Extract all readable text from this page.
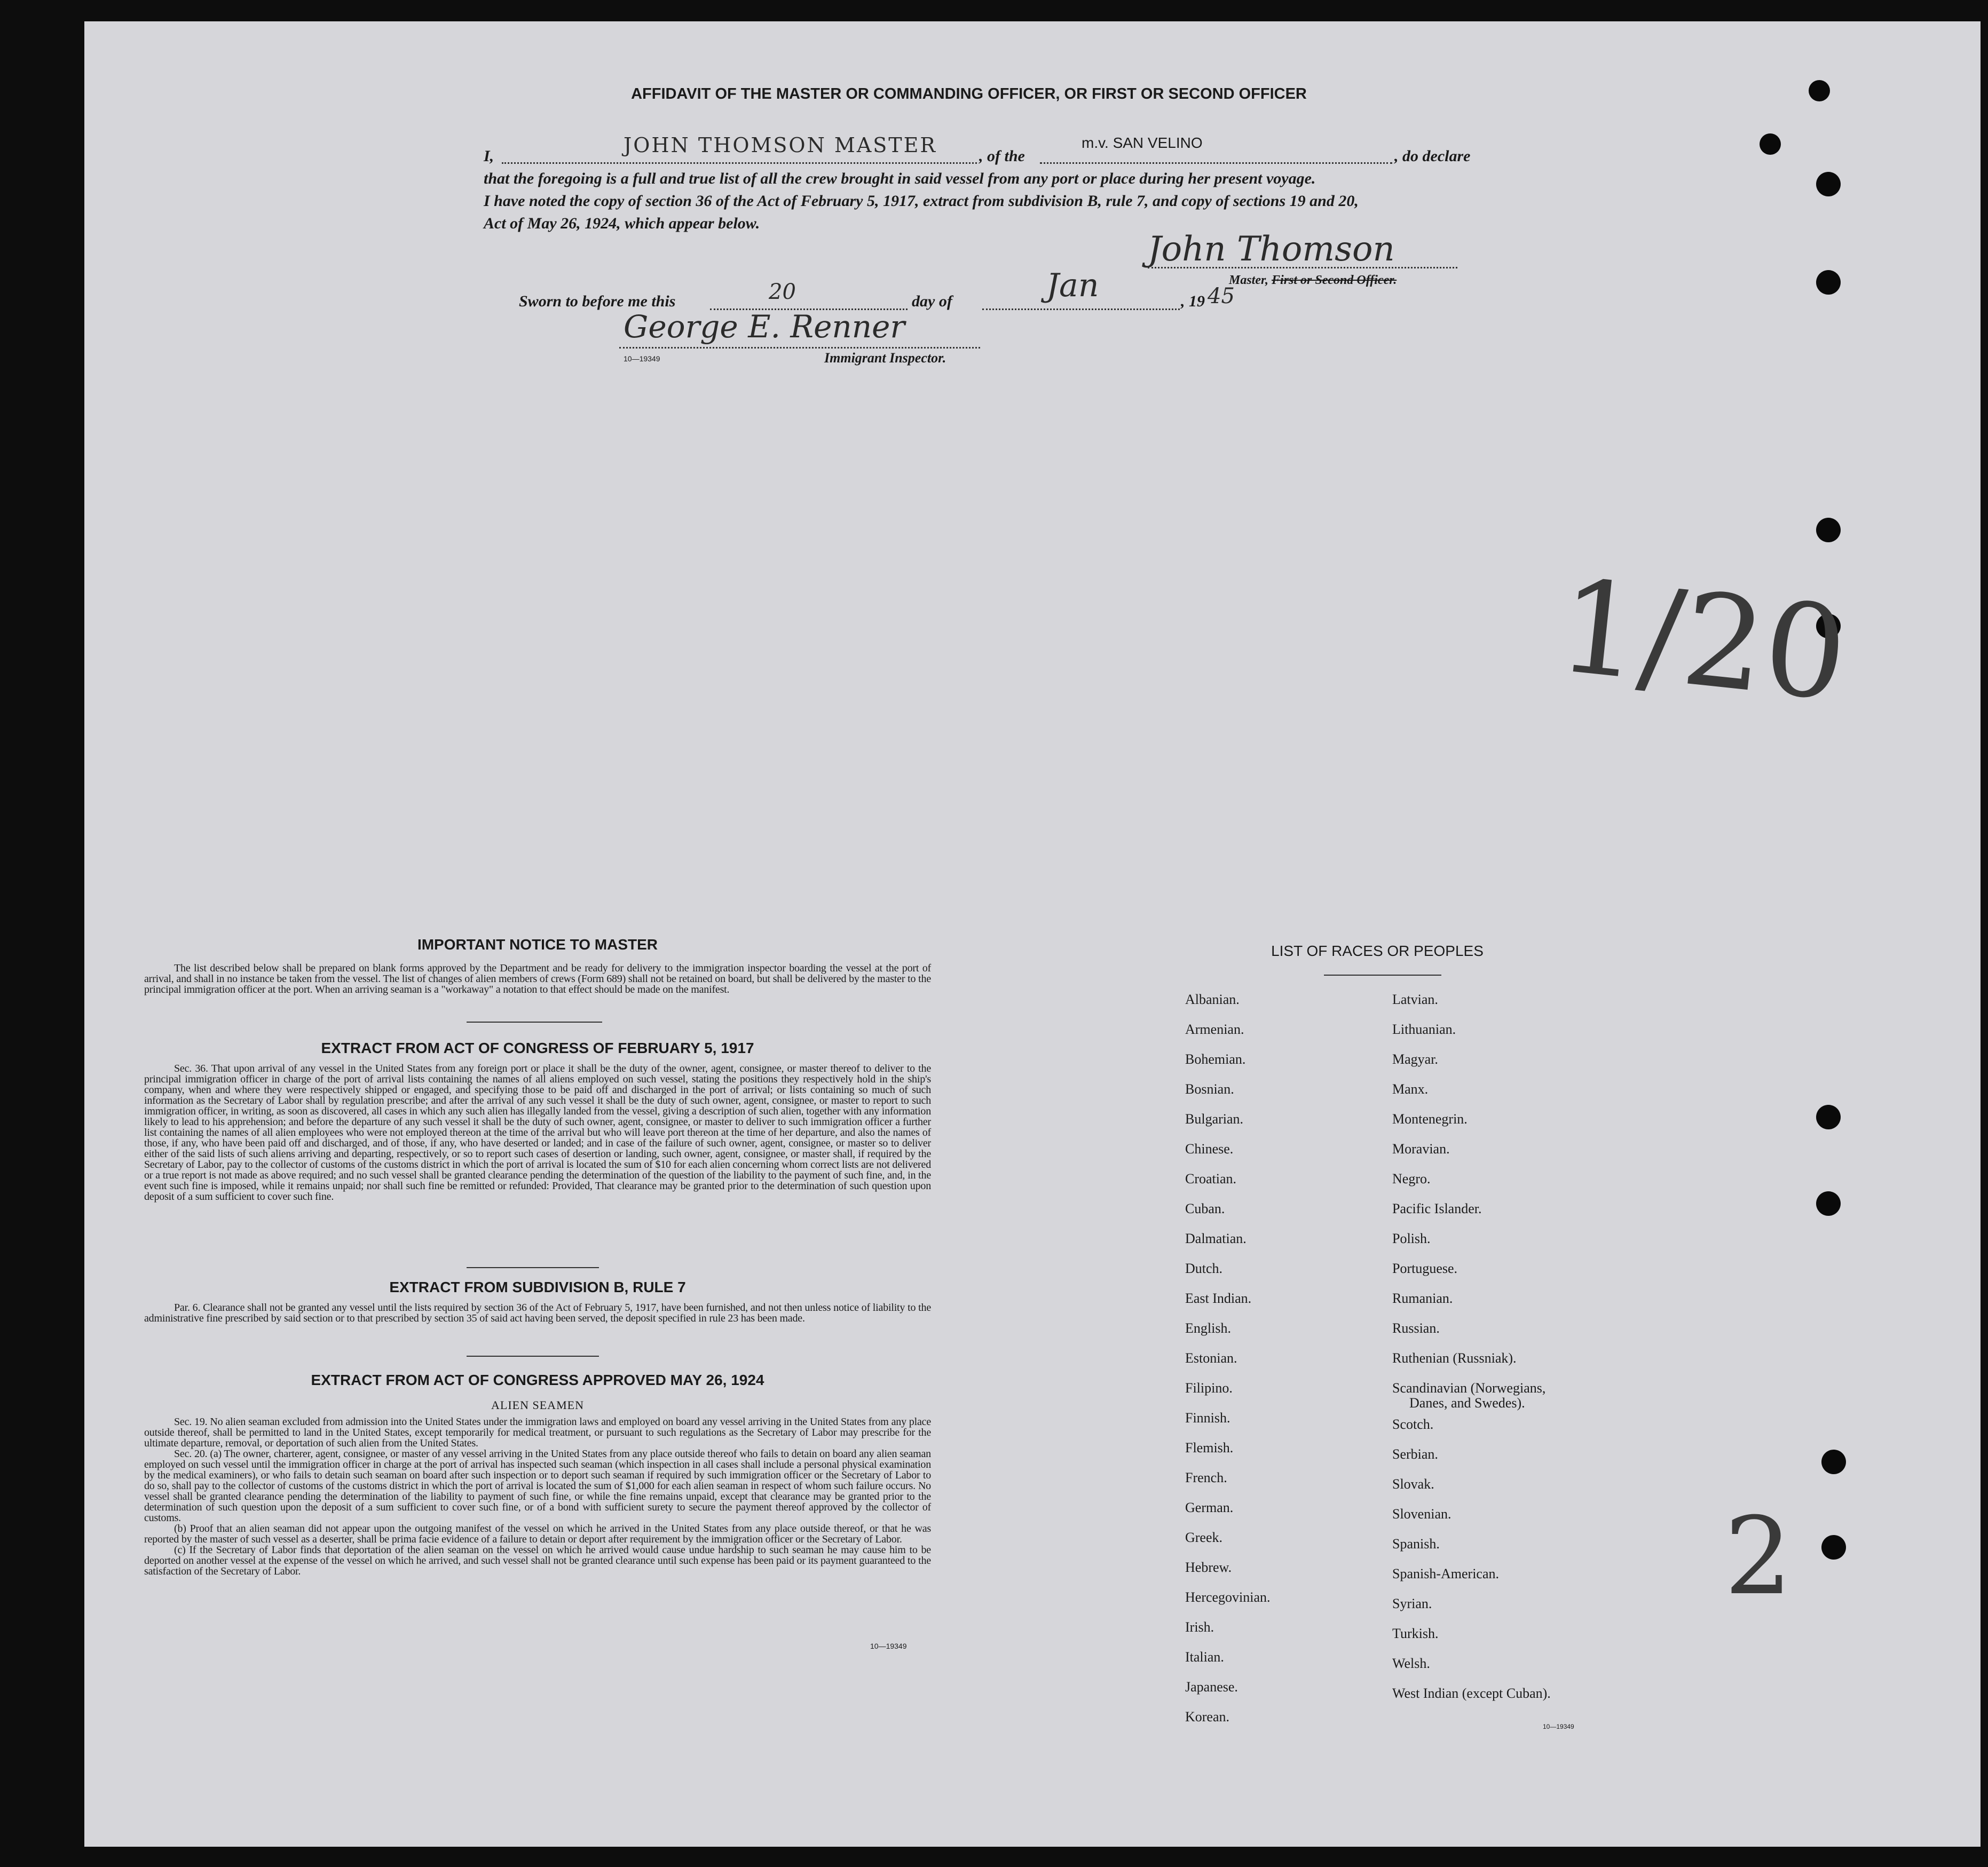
AFFIDAVIT OF THE MASTER OR COMMANDING OFFICER, OR FIRST OR SECOND OFFICER
I,	JOHN THOMSON MASTER	, of the
m.v. SAN VELINO
, do declare
that the foregoing is a full and true list of all the crew brought in said vessel from any port or place during her present voyage.
I have noted the copy of section 36 of the Act of February 5, 1917, extract from subdivision B, rule 7, and copy of sections 19 and 20,
Act of May 26, 1924, which appear below.
John Thomson
Master, First or Second Officer.
Sworn to before me this	20	day of	Jan	, 19 45
George E. Renner
10—19349	Immigrant Inspector.
1/20
2
IMPORTANT NOTICE TO MASTER

The list described below shall be prepared on blank forms approved by the Department and be ready for delivery to the immigration inspector boarding the vessel at the port of arrival, and shall in no instance be taken from the vessel. The list of changes of alien members of crews (Form 689) shall not be retained on board, but shall be delivered by the master to the principal immigration officer at the port. When an arriving seaman is a "workaway" a notation to that effect should be made on the manifest.

EXTRACT FROM ACT OF CONGRESS OF FEBRUARY 5, 1917

Sec. 36. That upon arrival of any vessel in the United States from any foreign port or place it shall be the duty of the owner, agent, consignee, or master thereof to deliver to the principal immigration officer in charge of the port of arrival lists containing the names of all aliens employed on such vessel, stating the positions they respectively hold in the ship's company, when and where they were respectively shipped or engaged, and specifying those to be paid off and discharged in the port of arrival; or lists containing so much of such information as the Secretary of Labor shall by regulation prescribe; and after the arrival of any such vessel it shall be the duty of such owner, agent, consignee, or master to report to such immigration officer, in writing, as soon as discovered, all cases in which any such alien has illegally landed from the vessel, giving a description of such alien, together with any information likely to lead to his apprehension; and before the departure of any such vessel it shall be the duty of such owner, agent, consignee, or master to deliver to such immigration officer a further list containing the names of all alien employees who were not employed thereon at the time of the arrival but who will leave port thereon at the time of her departure, and also the names of those, if any, who have been paid off and discharged, and of those, if any, who have deserted or landed; and in case of the failure of such owner, agent, consignee, or master so to deliver either of the said lists of such aliens arriving and departing, respectively, or so to report such cases of desertion or landing, such owner, agent, consignee, or master shall, if required by the Secretary of Labor, pay to the collector of customs of the customs district in which the port of arrival is located the sum of $10 for each alien concerning whom correct lists are not delivered or a true report is not made as above required; and no such vessel shall be granted clearance pending the determination of the question of the liability to the payment of such fine, and, in the event such fine is imposed, while it remains unpaid; nor shall such fine be remitted or refunded: Provided, That clearance may be granted prior to the determination of such question upon deposit of a sum sufficient to cover such fine.

EXTRACT FROM SUBDIVISION B, RULE 7

Par. 6. Clearance shall not be granted any vessel until the lists required by section 36 of the Act of February 5, 1917, have been furnished, and not then unless notice of liability to the administrative fine prescribed by said section or to that prescribed by section 35 of said act having been served, the deposit specified in rule 23 has been made.

EXTRACT FROM ACT OF CONGRESS APPROVED MAY 26, 1924
ALIEN SEAMEN

Sec. 19. No alien seaman excluded from admission into the United States under the immigration laws and employed on board any vessel arriving in the United States from any place outside thereof, shall be permitted to land in the United States, except temporarily for medical treatment, or pursuant to such regulations as the Secretary of Labor may prescribe for the ultimate departure, removal, or deportation of such alien from the United States.

Sec. 20. (a) The owner, charterer, agent, consignee, or master of any vessel arriving in the United States from any place outside thereof who fails to detain on board any alien seaman employed on such vessel until the immigration officer in charge at the port of arrival has inspected such seaman (which inspection in all cases shall include a personal physical examination by the medical examiners), or who fails to detain such seaman on board after such inspection or to deport such seaman if required by such immigration officer or the Secretary of Labor to do so, shall pay to the collector of customs of the customs district in which the port of arrival is located the sum of $1,000 for each alien seaman in respect of whom such failure occurs. No vessel shall be granted clearance pending the determination of the liability to payment of such fine, or while the fine remains unpaid, except that clearance may be granted prior to the determination of such question upon the deposit of a sum sufficient to cover such fine, or of a bond with sufficient surety to secure the payment thereof approved by the collector of customs.

(b) Proof that an alien seaman did not appear upon the outgoing manifest of the vessel on which he arrived in the United States from any place outside thereof, or that he was reported by the master of such vessel as a deserter, shall be prima facie evidence of a failure to detain or deport after requirement by the immigration officer or the Secretary of Labor.

(c) If the Secretary of Labor finds that deportation of the alien seaman on the vessel on which he arrived would cause undue hardship to such seaman he may cause him to be deported on another vessel at the expense of the vessel on which he arrived, and such vessel shall not be granted clearance until such expense has been paid or its payment guaranteed to the satisfaction of the Secretary of Labor.

10—19349
LIST OF RACES OR PEOPLES
Albanian.
Armenian.
Bohemian.
Bosnian.
Bulgarian.
Chinese.
Croatian.
Cuban.
Dalmatian.
Dutch.
East Indian.
English.
Estonian.
Filipino.
Finnish.
Flemish.
French.
German.
Greek.
Hebrew.
Hercegovinian.
Irish.
Italian.
Japanese.
Korean.
Latvian.
Lithuanian.
Magyar.
Manx.
Montenegrin.
Moravian.
Negro.
Pacific Islander.
Polish.
Portuguese.
Rumanian.
Russian.
Ruthenian (Russniak).
Scandinavian (Norwegians,
Danes, and Swedes).
Scotch.
Serbian.
Slovak.
Slovenian.
Spanish.
Spanish-American.
Syrian.
Turkish.
Welsh.
West Indian (except Cuban).
10—19349
